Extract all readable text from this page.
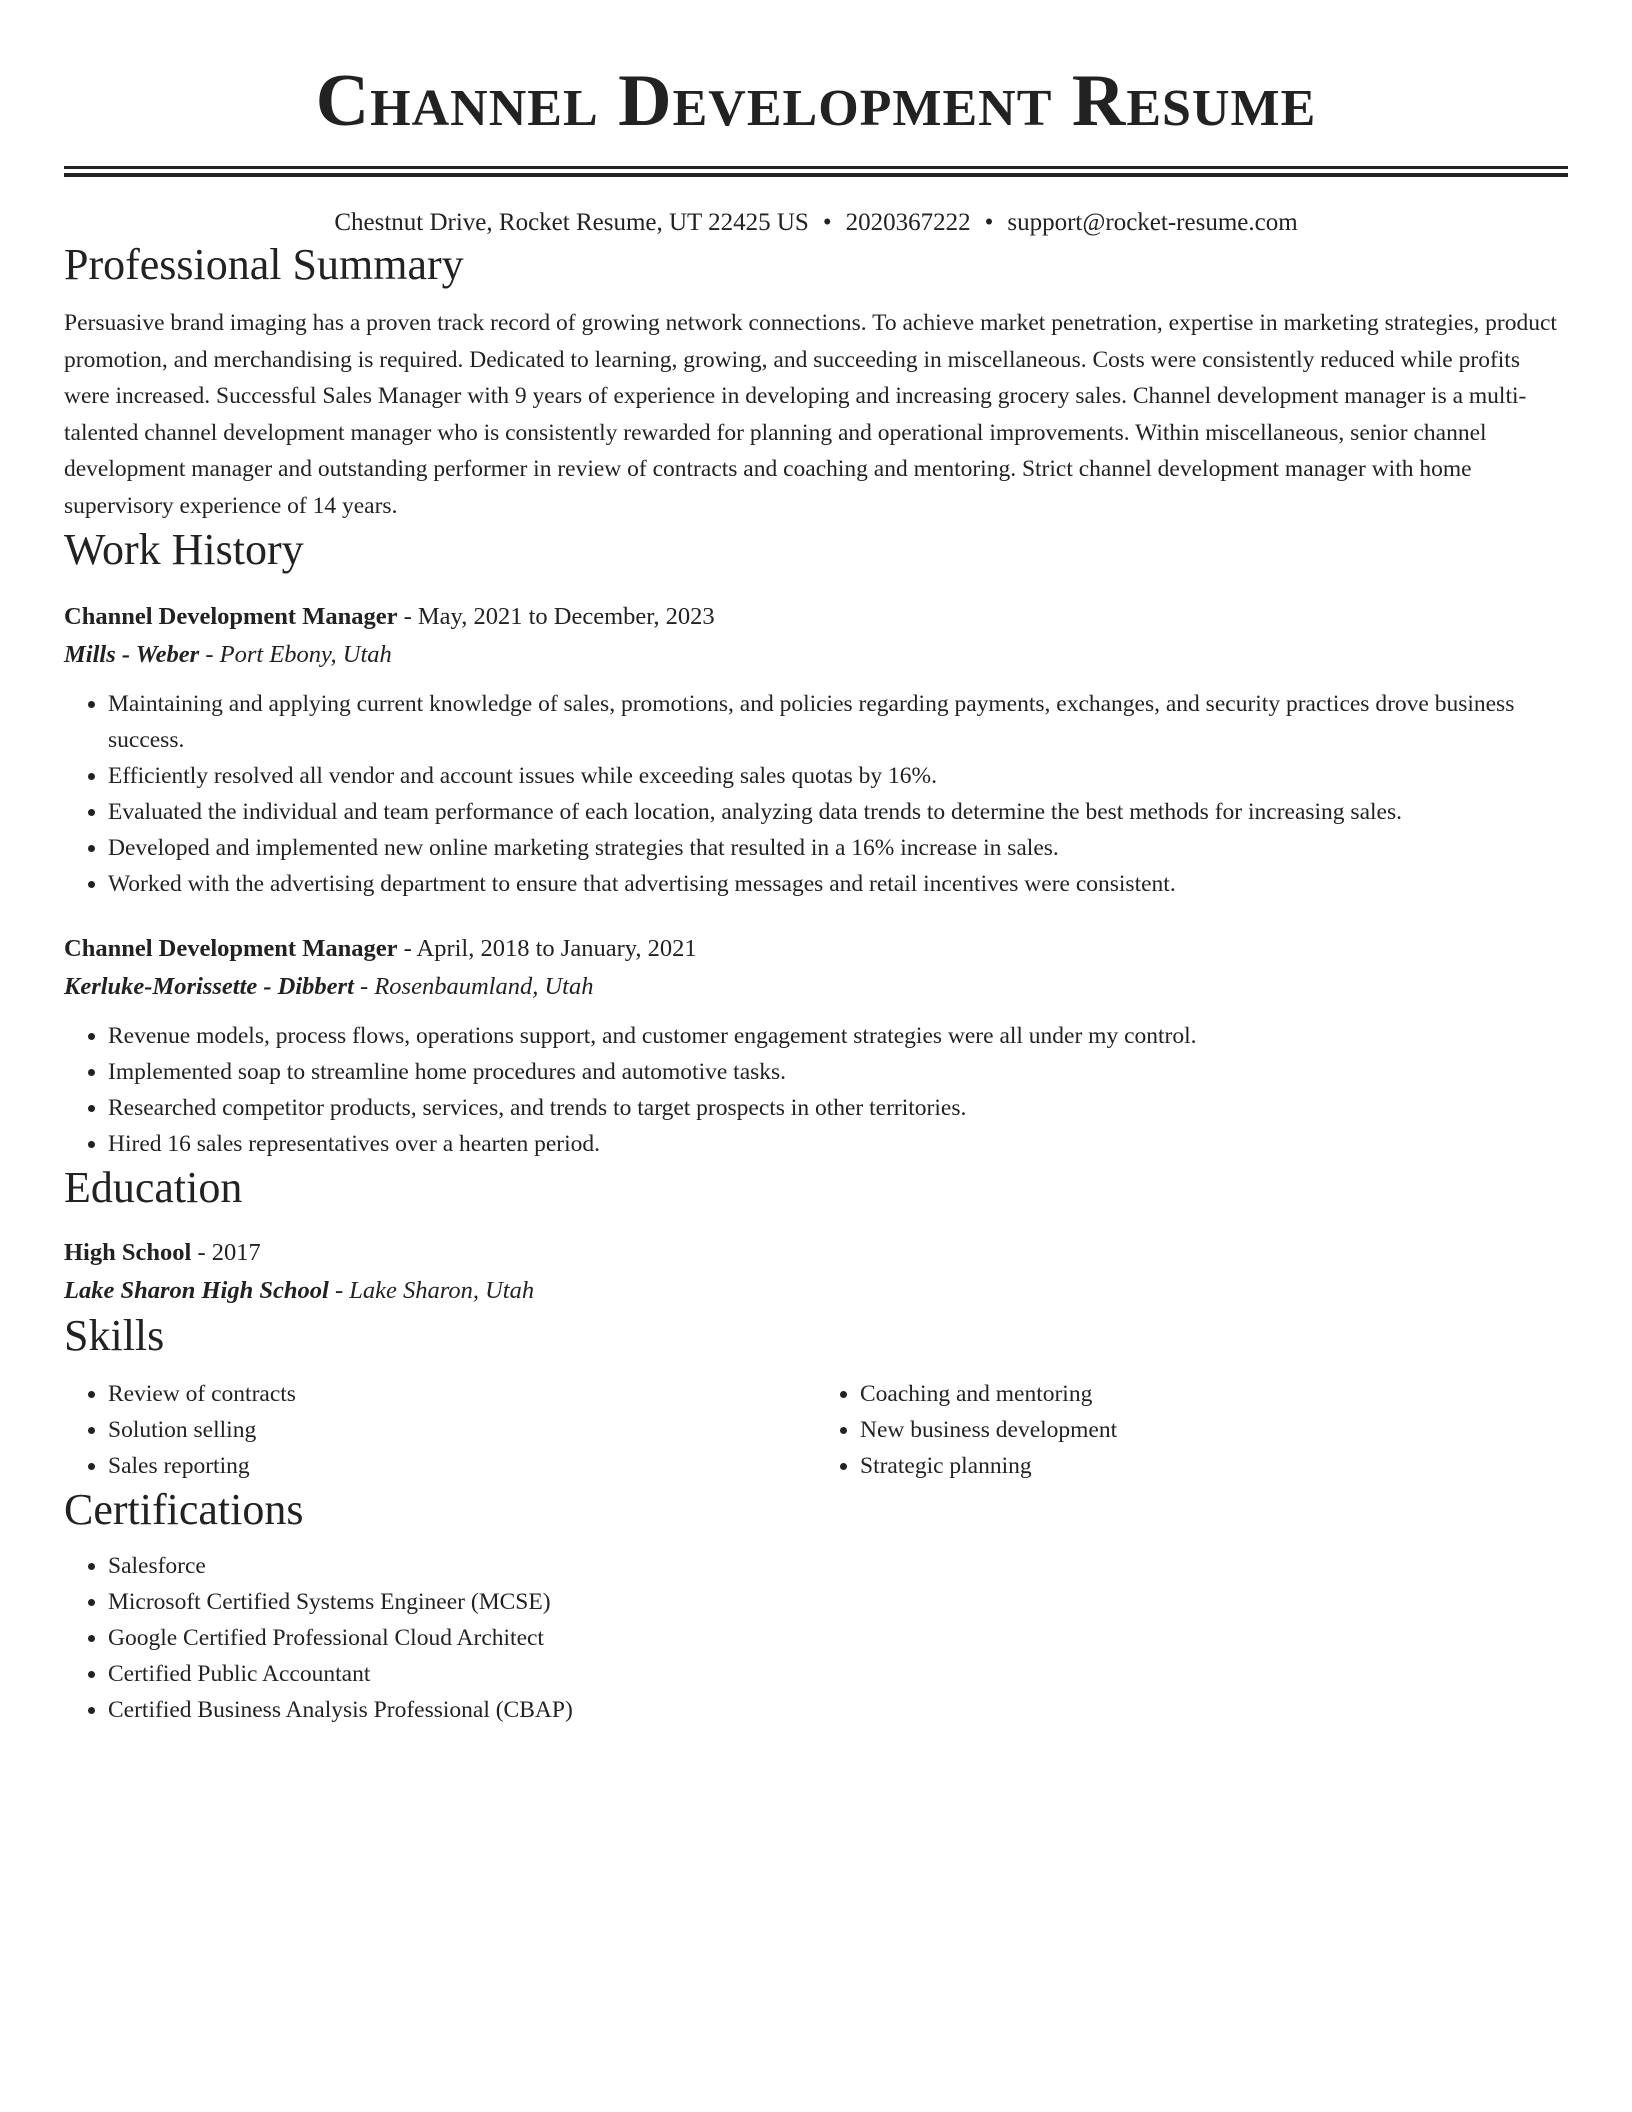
Channel Development Resume
Chestnut Drive, Rocket Resume, UT 22425 US • 2020367222 • support@rocket-resume.com
Professional Summary
Persuasive brand imaging has a proven track record of growing network connections. To achieve market penetration, expertise in marketing strategies, product promotion, and merchandising is required. Dedicated to learning, growing, and succeeding in miscellaneous. Costs were consistently reduced while profits were increased. Successful Sales Manager with 9 years of experience in developing and increasing grocery sales. Channel development manager is a multi-talented channel development manager who is consistently rewarded for planning and operational improvements. Within miscellaneous, senior channel development manager and outstanding performer in review of contracts and coaching and mentoring. Strict channel development manager with home supervisory experience of 14 years.
Work History
Channel Development Manager - May, 2021 to December, 2023
Mills - Weber - Port Ebony, Utah
• Maintaining and applying current knowledge of sales, promotions, and policies regarding payments, exchanges, and security practices drove business success.
• Efficiently resolved all vendor and account issues while exceeding sales quotas by 16%.
• Evaluated the individual and team performance of each location, analyzing data trends to determine the best methods for increasing sales.
• Developed and implemented new online marketing strategies that resulted in a 16% increase in sales.
• Worked with the advertising department to ensure that advertising messages and retail incentives were consistent.
Channel Development Manager - April, 2018 to January, 2021
Kerluke-Morissette - Dibbert - Rosenbaumland, Utah
• Revenue models, process flows, operations support, and customer engagement strategies were all under my control.
• Implemented soap to streamline home procedures and automotive tasks.
• Researched competitor products, services, and trends to target prospects in other territories.
• Hired 16 sales representatives over a hearten period.
Education
High School - 2017
Lake Sharon High School - Lake Sharon, Utah
Skills
• Review of contracts
• Solution selling
• Sales reporting
• Coaching and mentoring
• New business development
• Strategic planning
Certifications
• Salesforce
• Microsoft Certified Systems Engineer (MCSE)
• Google Certified Professional Cloud Architect
• Certified Public Accountant
• Certified Business Analysis Professional (CBAP)
